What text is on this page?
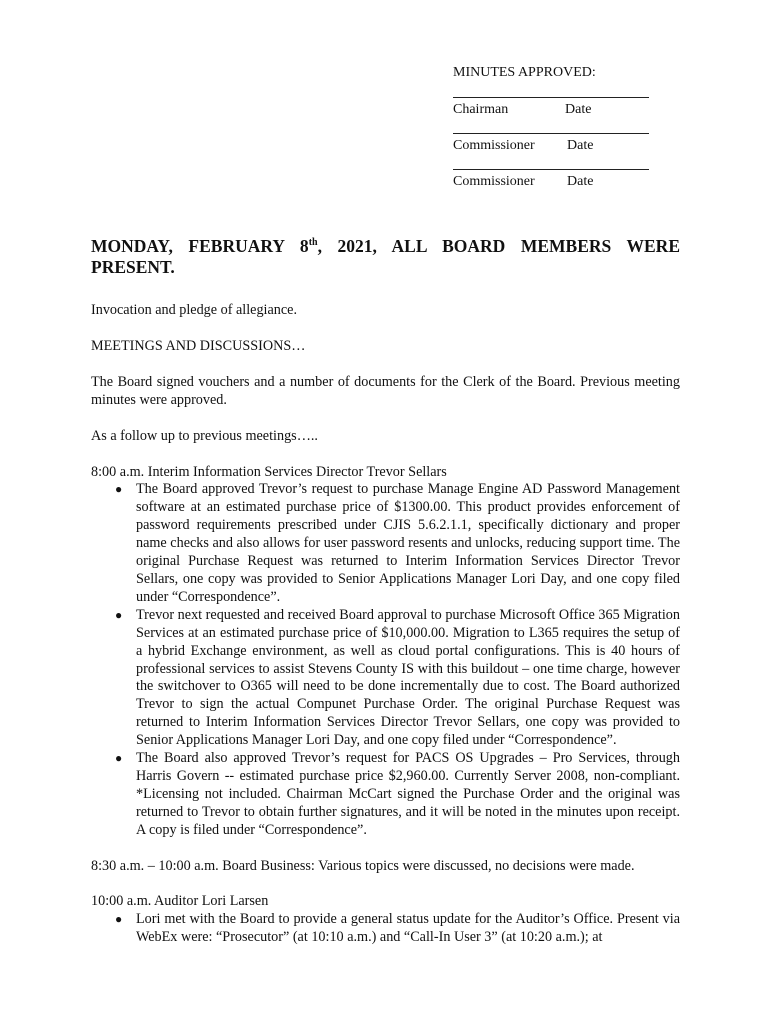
MINUTES APPROVED:
Chairman	Date
Commissioner Date
Commissioner Date
MONDAY, FEBRUARY 8th, 2021, ALL BOARD MEMBERS WERE PRESENT.

Invocation and pledge of allegiance.

MEETINGS AND DISCUSSIONS…

The Board signed vouchers and a number of documents for the Clerk of the Board. Previous meeting minutes were approved.

As a follow up to previous meetings…..

8:00 a.m. Interim Information Services Director Trevor Sellars

● The Board approved Trevor’s request to purchase Manage Engine AD Password Management software at an estimated purchase price of $1300.00. This product provides enforcement of password requirements prescribed under CJIS 5.6.2.1.1, specifically dictionary and proper name checks and also allows for user password resents and unlocks, reducing support time. The original Purchase Request was returned to Interim Information Services Director Trevor Sellars, one copy was provided to Senior Applications Manager Lori Day, and one copy filed under “Correspondence”.
● Trevor next requested and received Board approval to purchase Microsoft Office 365 Migration Services at an estimated purchase price of $10,000.00. Migration to L365 requires the setup of a hybrid Exchange environment, as well as cloud portal configurations. This is 40 hours of professional services to assist Stevens County IS with this buildout – one time charge, however the switchover to O365 will need to be done incrementally due to cost. The Board authorized Trevor to sign the actual Compunet Purchase Order. The original Purchase Request was returned to Interim Information Services Director Trevor Sellars, one copy was provided to Senior Applications Manager Lori Day, and one copy filed under “Correspondence”.
● The Board also approved Trevor’s request for PACS OS Upgrades – Pro Services, through Harris Govern -- estimated purchase price $2,960.00. Currently Server 2008, non-compliant. *Licensing not included. Chairman McCart signed the Purchase Order and the original was returned to Trevor to obtain further signatures, and it will be noted in the minutes upon receipt. A copy is filed under “Correspondence”.

8:30 a.m. – 10:00 a.m. Board Business: Various topics were discussed, no decisions were made.

10:00 a.m. Auditor Lori Larsen

● Lori met with the Board to provide a general status update for the Auditor’s Office. Present via WebEx were: “Prosecutor” (at 10:10 a.m.) and “Call-In User 3” (at 10:20 a.m.); at
